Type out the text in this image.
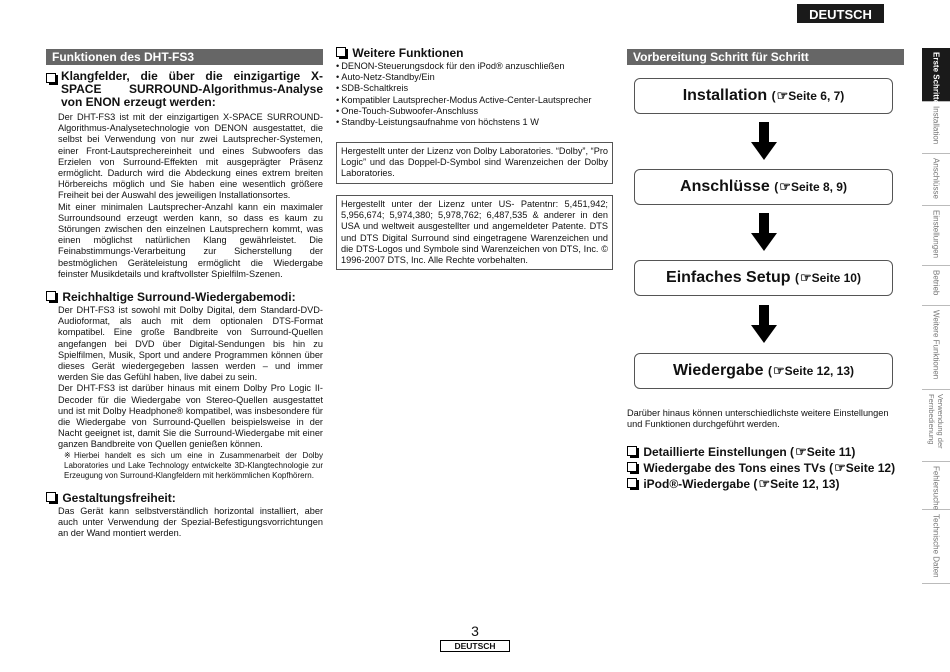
DEUTSCH
Funktionen des DHT-FS3
Klangfelder, die über die einzigartige X-SPACE SURROUND-Algorithmus-Analyse von ENON erzeugt werden:
Der DHT-FS3 ist mit der einzigartigen X-SPACE SURROUND-Algorithmus-Analysetechnologie von DENON ausgestattet, die selbst bei Verwendung von nur zwei Lautsprecher-Systemen, einer Front-Lautsprechereinheit und eines Subwoofers das Erzielen von Surround-Effekten mit ausgeprägter Präsenz ermöglicht. Dadurch wird die Abdeckung eines extrem breiten Hörbereichs möglich und Sie haben eine wesentlich größere Freiheit bei der Auswahl des jeweiligen Installationsortes.
Mit einer minimalen Lautsprecher-Anzahl kann ein maximaler Surroundsound erzeugt werden kann, so dass es kaum zu Störungen zwischen den einzelnen Lautsprechern kommt, was einen möglichst natürlichen Klang gewährleistet. Die Feinabstimmungs-Verarbeitung zur Sicherstellung der bestmöglichen Geräteleistung ermöglicht die Wiedergabe feinster Musikdetails und kraftvollster Spielfilm-Szenen.
Reichhaltige Surround-Wiedergabemodi:
Der DHT-FS3 ist sowohl mit Dolby Digital, dem Standard-DVD-Audioformat, als auch mit dem optionalen DTS-Format kompatibel. Eine große Bandbreite von Surround-Quellen angefangen bei DVD über Digital-Sendungen bis hin zu Spielfilmen, Musik, Sport und andere Programmen können über dieses Gerät wiedergegeben lassen werden – und immer werden Sie das Gefühl haben, live dabei zu sein.
Der DHT-FS3 ist darüber hinaus mit einem Dolby Pro Logic II-Decoder für die Wiedergabe von Stereo-Quellen ausgestattet und ist mit Dolby Headphone® kompatibel, was insbesondere für die Wiedergabe von Surround-Quellen beispielsweise in der Nacht geeignet ist, damit Sie die Surround-Wiedergabe mit einer ganzen Bandbreite von Quellen genießen können.
※Hierbei handelt es sich um eine in Zusammenarbeit der Dolby Laboratories und Lake Technology entwickelte 3D-Klangtechnologie zur Erzeugung von Surround-Klangfeldern mit herkömmlichen Kopfhörern.
Gestaltungsfreiheit:
Das Gerät kann selbstverständlich horizontal installiert, aber auch unter Verwendung der Spezial-Befestigungsvorrichtungen an der Wand montiert werden.
Weitere Funktionen
• DENON-Steuerungsdock für den iPod® anzuschließen
• Auto-Netz-Standby/Ein
• SDB-Schaltkreis
• Kompatibler Lautsprecher-Modus Active-Center-Lautsprecher
• One-Touch-Subwoofer-Anschluss
• Standby-Leistungsaufnahme von höchstens 1 W
Hergestellt unter der Lizenz von Dolby Laboratories. “Dolby”, “Pro Logic” und das Doppel-D-Symbol sind Warenzeichen der Dolby Laboratories.
Hergestellt unter der Lizenz unter US- Patentnr: 5,451,942; 5,956,674; 5,974,380; 5,978,762; 6,487,535 & anderer in den USA und weltweit ausgestellter und angemeldeter Patente. DTS und DTS Digital Surround sind eingetragene Warenzeichen und die DTS-Logos und Symbole sind Warenzeichen von DTS, Inc. © 1996-2007 DTS, Inc. Alle Rechte vorbehalten.
Vorbereitung Schritt für Schritt
Installation (☞Seite 6, 7)
Anschlüsse (☞Seite 8, 9)
Einfaches Setup (☞Seite 10)
Wiedergabe (☞Seite 12, 13)
Darüber hinaus können unterschiedlichste weitere Einstellungen und Funktionen durchgeführt werden.
Detaillierte Einstellungen (☞Seite 11)
Wiedergabe des Tons eines TVs (☞Seite 12)
iPod®-Wiedergabe (☞Seite 12, 13)
Erste Schritte
Installation
Anschlüsse
Einstellungen
Betrieb
Weitere Funktionen
Verwendung der Fernbedienung
Fehlersuche
Technische Daten
3
DEUTSCH
